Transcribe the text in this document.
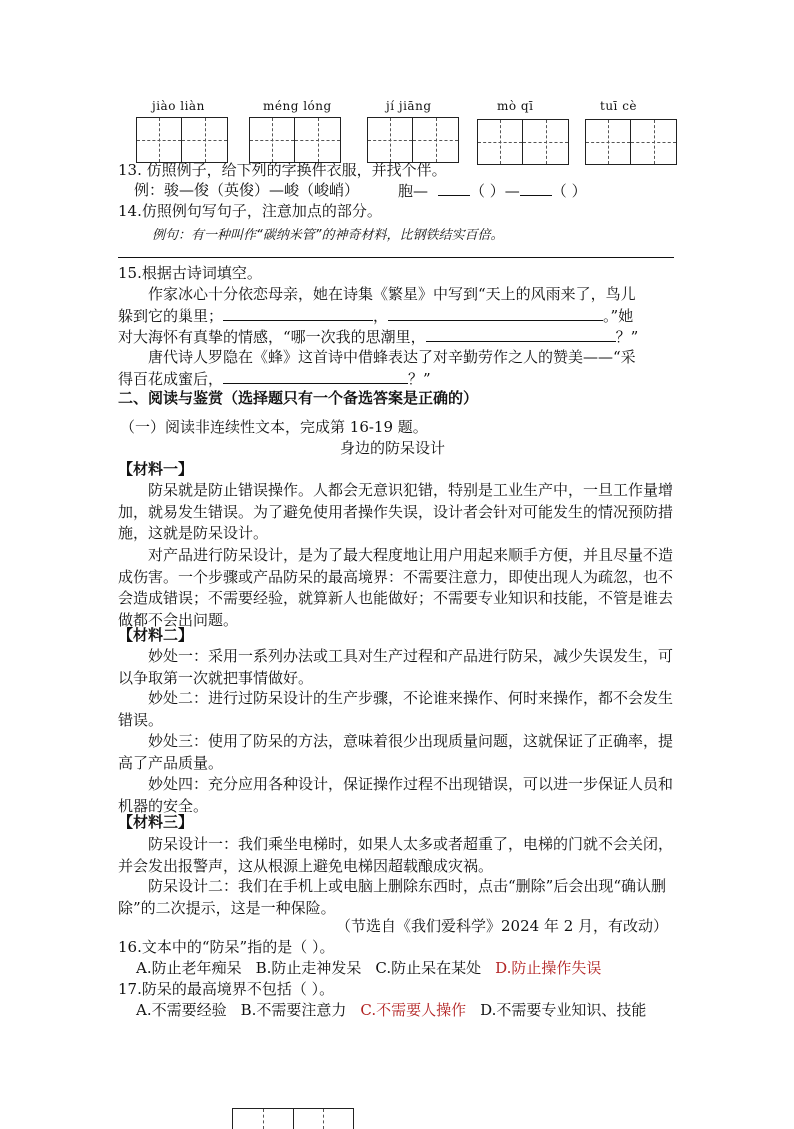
jiào liàn	méng lóng	jí jiāng	mò qī	tuī cè
13. 仿照例子，给下列的字换件衣服，并找个伴。
例：骏—俊（英俊）—峻（峻峭）	胞—	（ ）— （ ）
14.仿照例句写句子，注意加点的部分。
例句：有一种叫作“碳纳米管”的神奇材料，比钢铁结实百倍。
15.根据古诗词填空。
作家冰心十分依恋母亲，她在诗集《繁星》中写到“天上的风雨来了，鸟儿
躲到它的巢里；	，	。”她
对大海怀有真挚的情感，“哪一次我的思潮里，	？”
唐代诗人罗隐在《蜂》这首诗中借蜂表达了对辛勤劳作之人的赞美——“采
得百花成蜜后，	？”
二、阅读与鉴赏（选择题只有一个备选答案是正确的）
（一）阅读非连续性文本，完成第 16-19 题。
身边的防呆设计
【材料一】
防呆就是防止错误操作。人都会无意识犯错，特别是工业生产中，一旦工作量增加，就易发生错误。为了避免使用者操作失误，设计者会针对可能发生的情况预防措施，这就是防呆设计。
对产品进行防呆设计，是为了最大程度地让用户用起来顺手方便，并且尽量不造成伤害。一个步骤或产品防呆的最高境界：不需要注意力，即使出现人为疏忽，也不会造成错误；不需要经验，就算新人也能做好；不需要专业知识和技能，不管是谁去做都不会出问题。
【材料二】
妙处一：采用一系列办法或工具对生产过程和产品进行防呆，减少失误发生，可以争取第一次就把事情做好。
妙处二：进行过防呆设计的生产步骤，不论谁来操作、何时来操作，都不会发生错误。
妙处三：使用了防呆的方法，意味着很少出现质量问题，这就保证了正确率，提高了产品质量。
妙处四：充分应用各种设计，保证操作过程不出现错误，可以进一步保证人员和机器的安全。
【材料三】
防呆设计一：我们乘坐电梯时，如果人太多或者超重了，电梯的门就不会关闭，并会发出报警声，这从根源上避免电梯因超载酿成灾祸。
防呆设计二：我们在手机上或电脑上删除东西时，点击“删除”后会出现“确认删除”的二次提示，这是一种保险。
（节选自《我们爱科学》2024 年 2 月，有改动）
16.文本中的“防呆”指的是（ ）。
A.防止老年痴呆 B.防止走神发呆 C.防止呆在某处 D.防止操作失误
17.防呆的最高境界不包括（ ）。
A.不需要经验 B.不需要注意力 C.不需要人操作 D.不需要专业知识、技能
